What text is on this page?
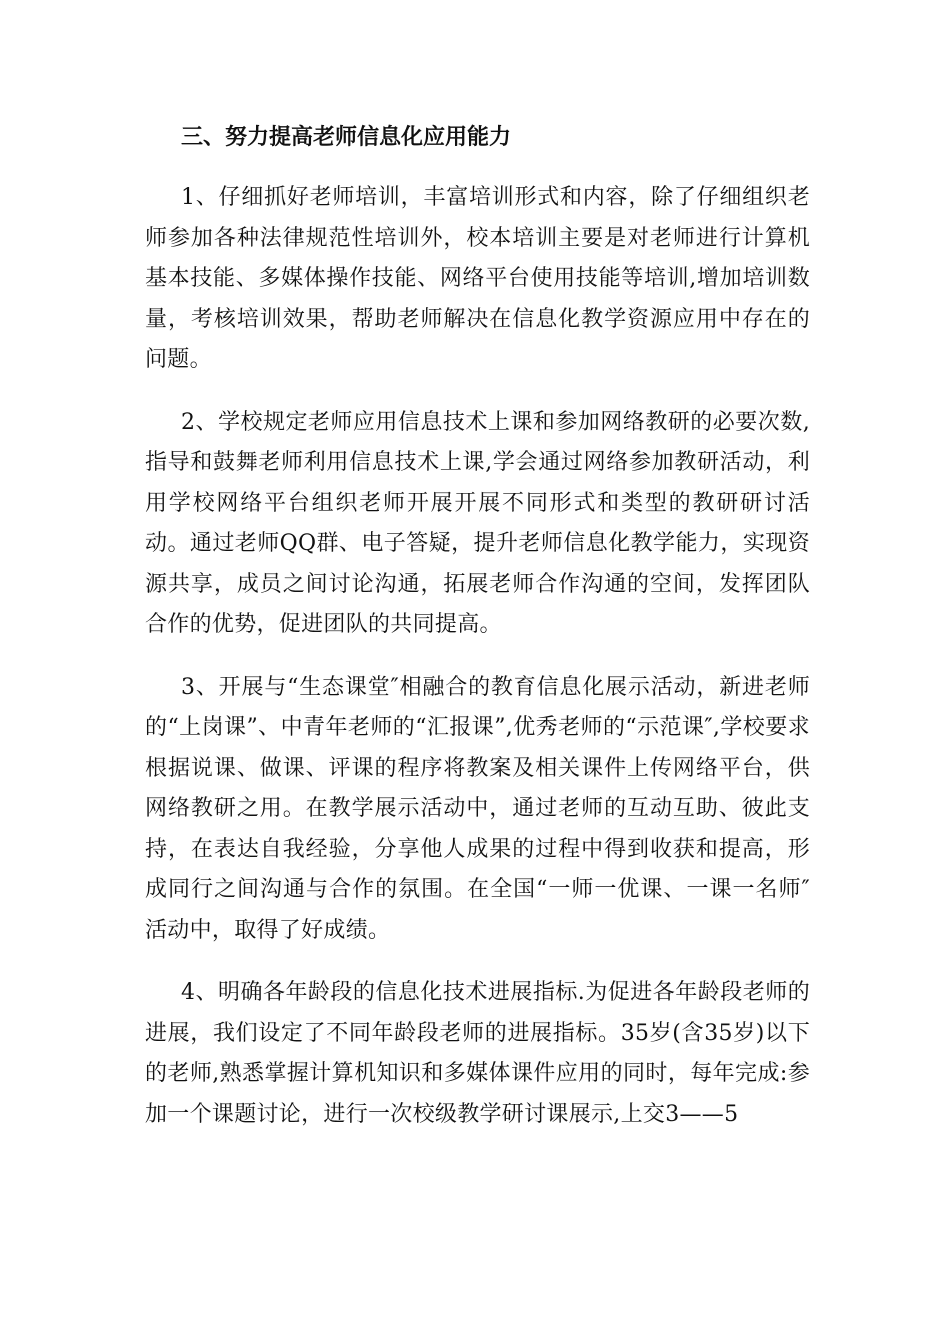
三、努力提高老师信息化应用能力

1、仔细抓好老师培训，丰富培训形式和内容，除了仔细组织老师参加各种法律规范性培训外，校本培训主要是对老师进行计算机基本技能、多媒体操作技能、网络平台使用技能等培训,增加培训数量，考核培训效果，帮助老师解决在信息化教学资源应用中存在的问题。

2、学校规定老师应用信息技术上课和参加网络教研的必要次数,指导和鼓舞老师利用信息技术上课,学会通过网络参加教研活动，利用学校网络平台组织老师开展开展不同形式和类型的教研研讨活动。通过老师QQ群、电子答疑，提升老师信息化教学能力，实现资源共享，成员之间讨论沟通，拓展老师合作沟通的空间，发挥团队合作的优势，促进团队的共同提高。

3、开展与“生态课堂″相融合的教育信息化展示活动，新进老师的“上岗课”、中青年老师的“汇报课”,优秀老师的“示范课″,学校要求根据说课、做课、评课的程序将教案及相关课件上传网络平台，供网络教研之用。在教学展示活动中，通过老师的互动互助、彼此支持，在表达自我经验，分享他人成果的过程中得到收获和提高，形成同行之间沟通与合作的氛围。在全国“一师一优课、一课一名师″活动中，取得了好成绩。

4、明确各年龄段的信息化技术进展指标.为促进各年龄段老师的进展，我们设定了不同年龄段老师的进展指标。35岁(含35岁)以下的老师,熟悉掌握计算机知识和多媒体课件应用的同时，每年完成:参加一个课题讨论，进行一次校级教学研讨课展示,上交3——5
